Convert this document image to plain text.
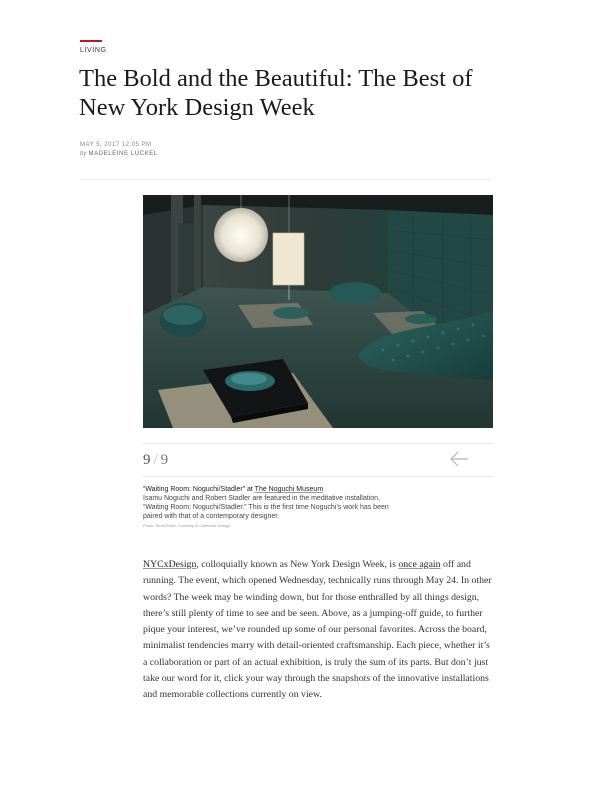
LIVING
The Bold and the Beautiful: The Best of New York Design Week
MAY 5, 2017 12:05 PM
by MADELEINE LUCKEL
9 / 9
“Waiting Room: Noguchi/Stadler” at The Noguchi Museum
Isamu Noguchi and Robert Stadler are featured in the meditative installation, “Waiting Room: Noguchi/Stadler.” This is the first time Noguchi’s work has been paired with that of a contemporary designer.
Photo: Scott Rudd, Courtesy of Collective Design

NYCxDesign, colloquially known as New York Design Week, is once again off and running. The event, which opened Wednesday, technically runs through May 24. In other words? The week may be winding down, but for those enthralled by all things design, there’s still plenty of time to see and be seen. Above, as a jumping-off guide, to further pique your interest, we’ve rounded up some of our personal favorites. Across the board, minimalist tendencies marry with detail-oriented craftsmanship. Each piece, whether it’s a collaboration or part of an actual exhibition, is truly the sum of its parts. But don’t just take our word for it, click your way through the snapshots of the innovative installations and memorable collections currently on view.
